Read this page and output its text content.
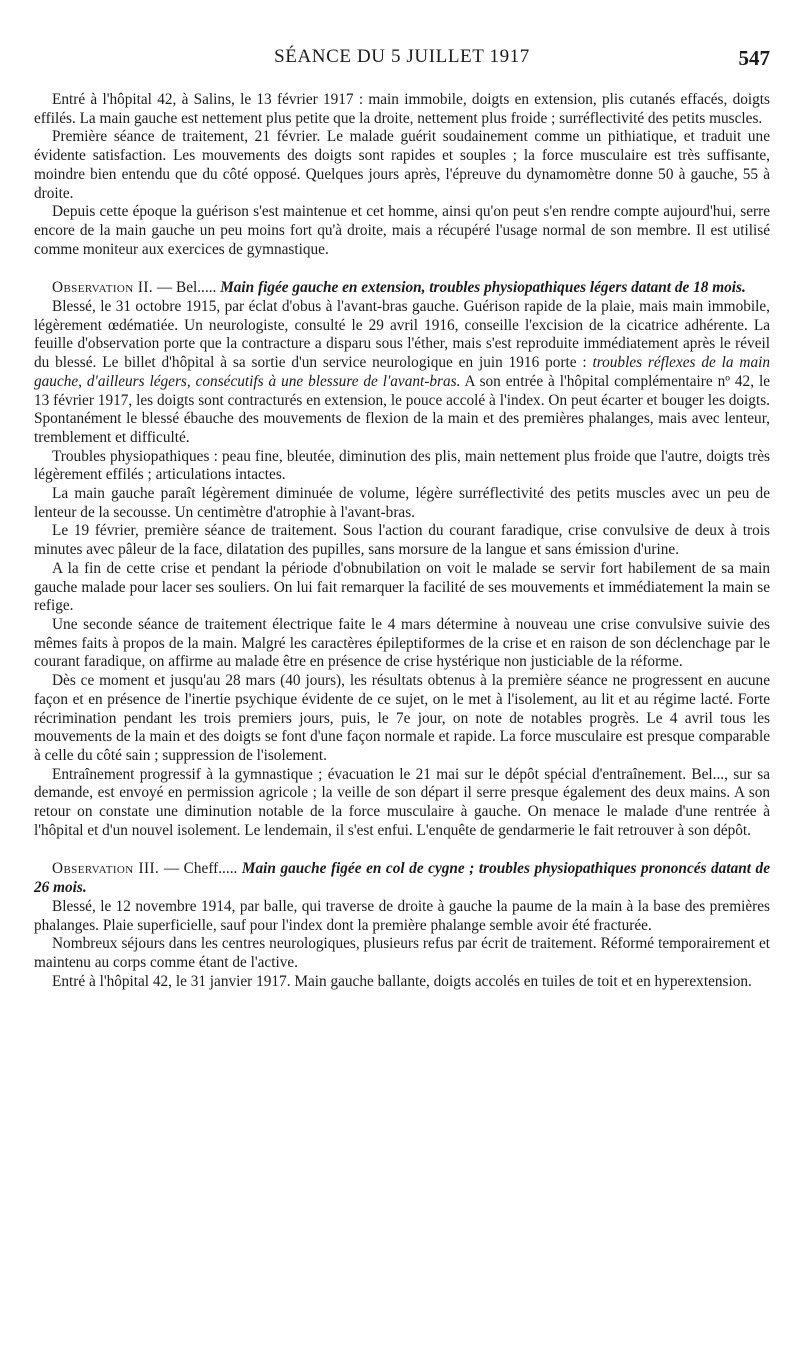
SÉANCE DU 5 JUILLET 1917	547

Entré à l'hôpital 42, à Salins, le 13 février 1917 : main immobile, doigts en extension, plis cutanés effacés, doigts effilés. La main gauche est nettement plus petite que la droite, nettement plus froide ; surréflectivité des petits muscles.

Première séance de traitement, 21 février. Le malade guérit soudainement comme un pithiatique, et traduit une évidente satisfaction. Les mouvements des doigts sont rapides et souples ; la force musculaire est très suffisante, moindre bien entendu que du côté opposé. Quelques jours après, l'épreuve du dynamomètre donne 50 à gauche, 55 à droite.

Depuis cette époque la guérison s'est maintenue et cet homme, ainsi qu'on peut s'en rendre compte aujourd'hui, serre encore de la main gauche un peu moins fort qu'à droite, mais a récupéré l'usage normal de son membre. Il est utilisé comme moniteur aux exercices de gymnastique.

Observation II. — Bel..... Main figée gauche en extension, troubles physiopathiques légers datant de 18 mois.

Blessé, le 31 octobre 1915, par éclat d'obus à l'avant-bras gauche. Guérison rapide de la plaie, mais main immobile, légèrement œdématiée. Un neurologiste, consulté le 29 avril 1916, conseille l'excision de la cicatrice adhérente. La feuille d'observation porte que la contracture a disparu sous l'éther, mais s'est reproduite immédiatement après le réveil du blessé. Le billet d'hôpital à sa sortie d'un service neurologique en juin 1916 porte : troubles réflexes de la main gauche, d'ailleurs légers, consécutifs à une blessure de l'avant-bras. A son entrée à l'hôpital complémentaire nº 42, le 13 février 1917, les doigts sont contracturés en extension, le pouce accolé à l'index. On peut écarter et bouger les doigts. Spontanément le blessé ébauche des mouvements de flexion de la main et des premières phalanges, mais avec lenteur, tremblement et difficulté.

Troubles physiopathiques : peau fine, bleutée, diminution des plis, main nettement plus froide que l'autre, doigts très légèrement effilés ; articulations intactes.

La main gauche paraît légèrement diminuée de volume, légère surréflectivité des petits muscles avec un peu de lenteur de la secousse. Un centimètre d'atrophie à l'avant-bras.

Le 19 février, première séance de traitement. Sous l'action du courant faradique, crise convulsive de deux à trois minutes avec pâleur de la face, dilatation des pupilles, sans morsure de la langue et sans émission d'urine.

A la fin de cette crise et pendant la période d'obnubilation on voit le malade se servir fort habilement de sa main gauche malade pour lacer ses souliers. On lui fait remarquer la facilité de ses mouvements et immédiatement la main se refige.

Une seconde séance de traitement électrique faite le 4 mars détermine à nouveau une crise convulsive suivie des mêmes faits à propos de la main. Malgré les caractères épileptiformes de la crise et en raison de son déclenchage par le courant faradique, on affirme au malade être en présence de crise hystérique non justiciable de la réforme.

Dès ce moment et jusqu'au 28 mars (40 jours), les résultats obtenus à la première séance ne progressent en aucune façon et en présence de l'inertie psychique évidente de ce sujet, on le met à l'isolement, au lit et au régime lacté. Forte récrimination pendant les trois premiers jours, puis, le 7e jour, on note de notables progrès. Le 4 avril tous les mouvements de la main et des doigts se font d'une façon normale et rapide. La force musculaire est presque comparable à celle du côté sain ; suppression de l'isolement.

Entraînement progressif à la gymnastique ; évacuation le 21 mai sur le dépôt spécial d'entraînement. Bel..., sur sa demande, est envoyé en permission agricole ; la veille de son départ il serre presque également des deux mains. A son retour on constate une diminution notable de la force musculaire à gauche. On menace le malade d'une rentrée à l'hôpital et d'un nouvel isolement. Le lendemain, il s'est enfui. L'enquête de gendarmerie le fait retrouver à son dépôt.

Observation III. — Cheff..... Main gauche figée en col de cygne ; troubles physiopathiques prononcés datant de 26 mois.

Blessé, le 12 novembre 1914, par balle, qui traverse de droite à gauche la paume de la main à la base des premières phalanges. Plaie superficielle, sauf pour l'index dont la première phalange semble avoir été fracturée.

Nombreux séjours dans les centres neurologiques, plusieurs refus par écrit de traitement. Réformé temporairement et maintenu au corps comme étant de l'active.

Entré à l'hôpital 42, le 31 janvier 1917. Main gauche ballante, doigts accolés en tuiles de toit et en hyperextension.
